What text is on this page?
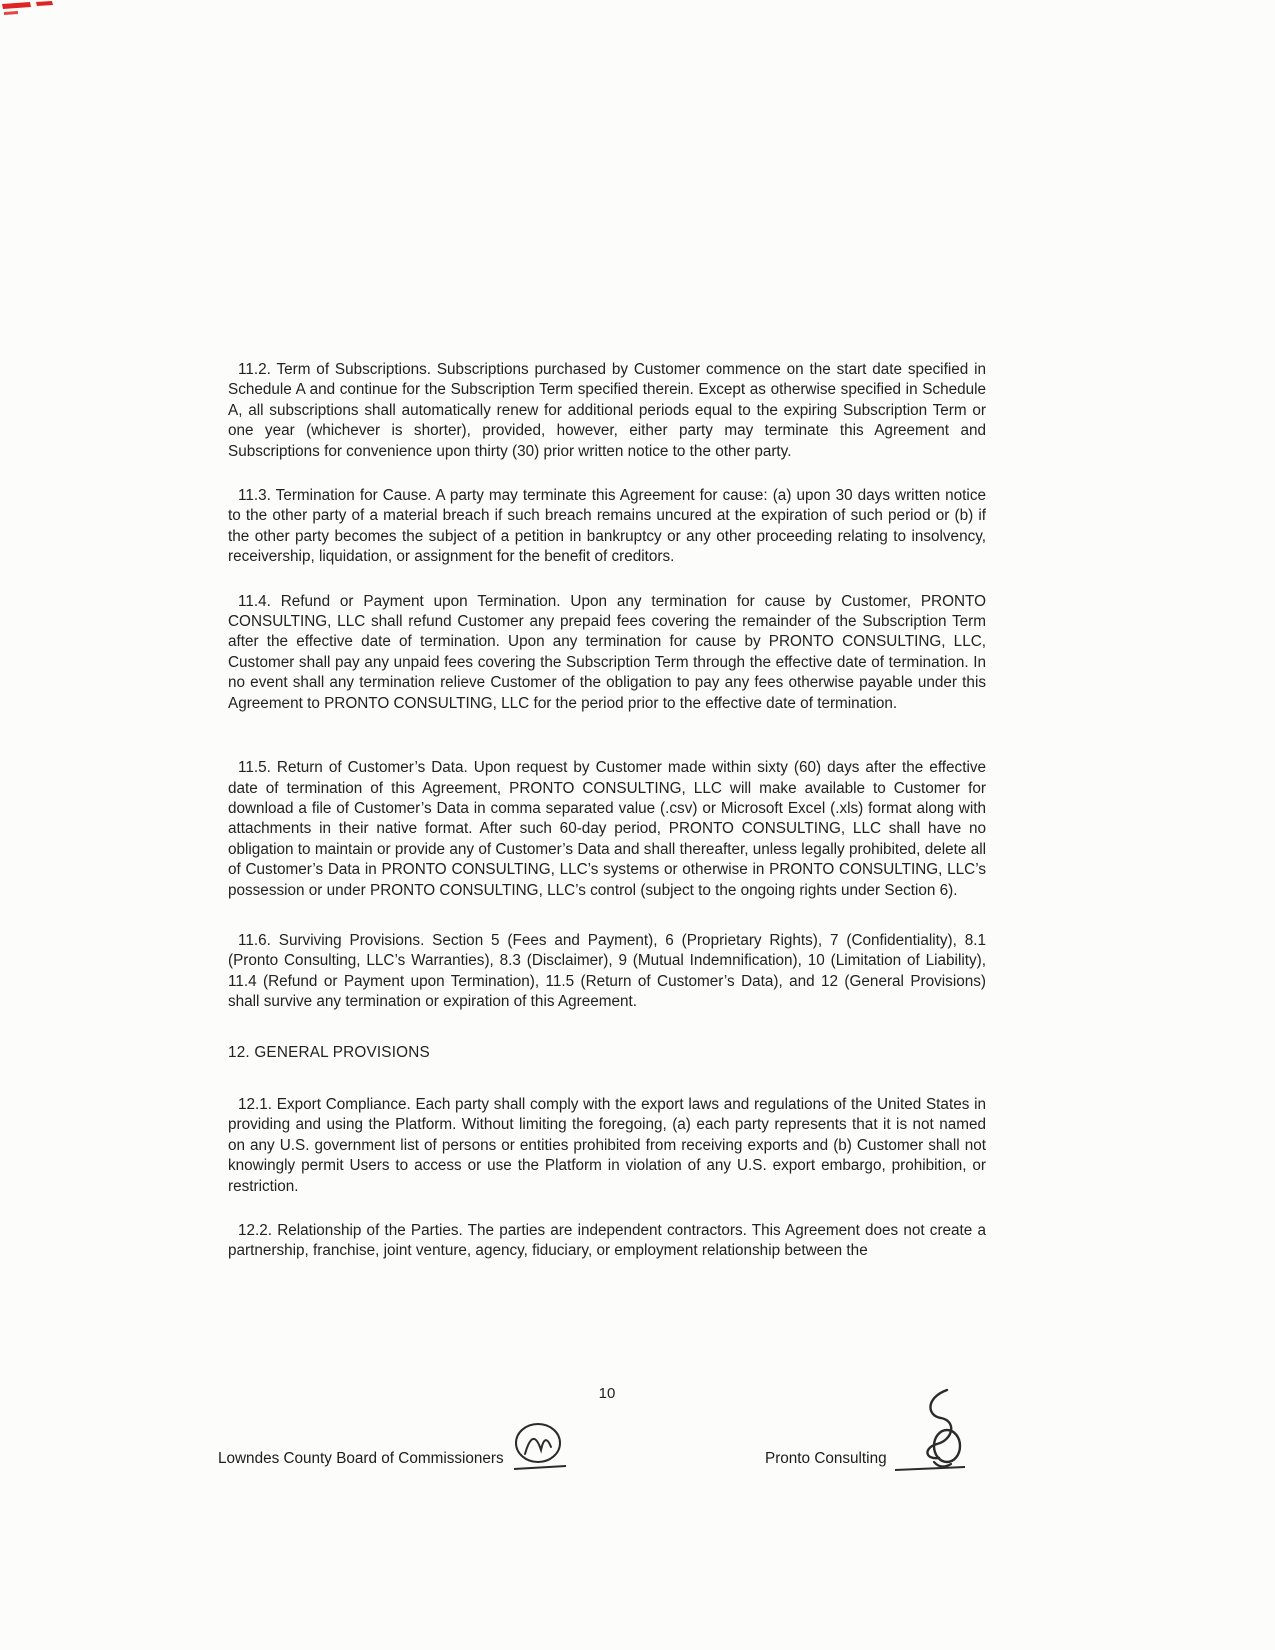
11.2. Term of Subscriptions. Subscriptions purchased by Customer commence on the start date specified in Schedule A and continue for the Subscription Term specified therein. Except as otherwise specified in Schedule A, all subscriptions shall automatically renew for additional periods equal to the expiring Subscription Term or one year (whichever is shorter), provided, however, either party may terminate this Agreement and Subscriptions for convenience upon thirty (30) prior written notice to the other party.

11.3. Termination for Cause. A party may terminate this Agreement for cause: (a) upon 30 days written notice to the other party of a material breach if such breach remains uncured at the expiration of such period or (b) if the other party becomes the subject of a petition in bankruptcy or any other proceeding relating to insolvency, receivership, liquidation, or assignment for the benefit of creditors.

11.4. Refund or Payment upon Termination. Upon any termination for cause by Customer, PRONTO CONSULTING, LLC shall refund Customer any prepaid fees covering the remainder of the Subscription Term after the effective date of termination. Upon any termination for cause by PRONTO CONSULTING, LLC, Customer shall pay any unpaid fees covering the Subscription Term through the effective date of termination. In no event shall any termination relieve Customer of the obligation to pay any fees otherwise payable under this Agreement to PRONTO CONSULTING, LLC for the period prior to the effective date of termination.

11.5. Return of Customer’s Data. Upon request by Customer made within sixty (60) days after the effective date of termination of this Agreement, PRONTO CONSULTING, LLC will make available to Customer for download a file of Customer’s Data in comma separated value (.csv) or Microsoft Excel (.xls) format along with attachments in their native format. After such 60-day period, PRONTO CONSULTING, LLC shall have no obligation to maintain or provide any of Customer’s Data and shall thereafter, unless legally prohibited, delete all of Customer’s Data in PRONTO CONSULTING, LLC’s systems or otherwise in PRONTO CONSULTING, LLC’s possession or under PRONTO CONSULTING, LLC’s control (subject to the ongoing rights under Section 6).

11.6. Surviving Provisions. Section 5 (Fees and Payment), 6 (Proprietary Rights), 7 (Confidentiality), 8.1 (Pronto Consulting, LLC’s Warranties), 8.3 (Disclaimer), 9 (Mutual Indemnification), 10 (Limitation of Liability), 11.4 (Refund or Payment upon Termination), 11.5 (Return of Customer’s Data), and 12 (General Provisions) shall survive any termination or expiration of this Agreement.

12. GENERAL PROVISIONS

12.1. Export Compliance. Each party shall comply with the export laws and regulations of the United States in providing and using the Platform. Without limiting the foregoing, (a) each party represents that it is not named on any U.S. government list of persons or entities prohibited from receiving exports and (b) Customer shall not knowingly permit Users to access or use the Platform in violation of any U.S. export embargo, prohibition, or restriction.

12.2. Relationship of the Parties. The parties are independent contractors. This Agreement does not create a partnership, franchise, joint venture, agency, fiduciary, or employment relationship between the

10
Lowndes County Board of Commissioners	Pronto Consulting
